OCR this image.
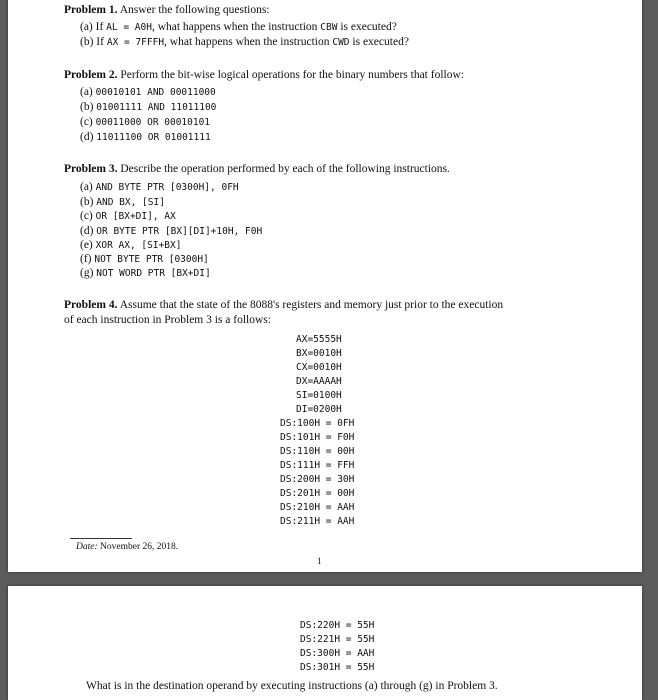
Problem 1. Answer the following questions:
(a) If AL = A0H, what happens when the instruction CBW is executed?
(b) If AX = 7FFFH, what happens when the instruction CWD is executed?
Problem 2. Perform the bit-wise logical operations for the binary numbers that follow:
(a) 00010101 AND 00011000
(b) 01001111 AND 11011100
(c) 00011000 OR 00010101
(d) 11011100 OR 01001111
Problem 3. Describe the operation performed by each of the following instructions.
(a) AND BYTE PTR [0300H], 0FH
(b) AND BX, [SI]
(c) OR [BX+DI], AX
(d) OR BYTE PTR [BX][DI]+10H, F0H
(e) XOR AX, [SI+BX]
(f) NOT BYTE PTR [0300H]
(g) NOT WORD PTR [BX+DI]
Problem 4. Assume that the state of the 8088's registers and memory just prior to the execution
of each instruction in Problem 3 is a follows:
AX=5555H
BX=0010H
CX=0010H
DX=AAAAH
SI=0100H
DI=0200H
DS:100H = 0FH
DS:101H = F0H
DS:110H = 00H
DS:111H = FFH
DS:200H = 30H
DS:201H = 00H
DS:210H = AAH
DS:211H = AAH
Date: November 26, 2018.
1
DS:220H = 55H
DS:221H = 55H
DS:300H = AAH
DS:301H = 55H
What is in the destination operand by executing instructions (a) through (g) in Problem 3.
